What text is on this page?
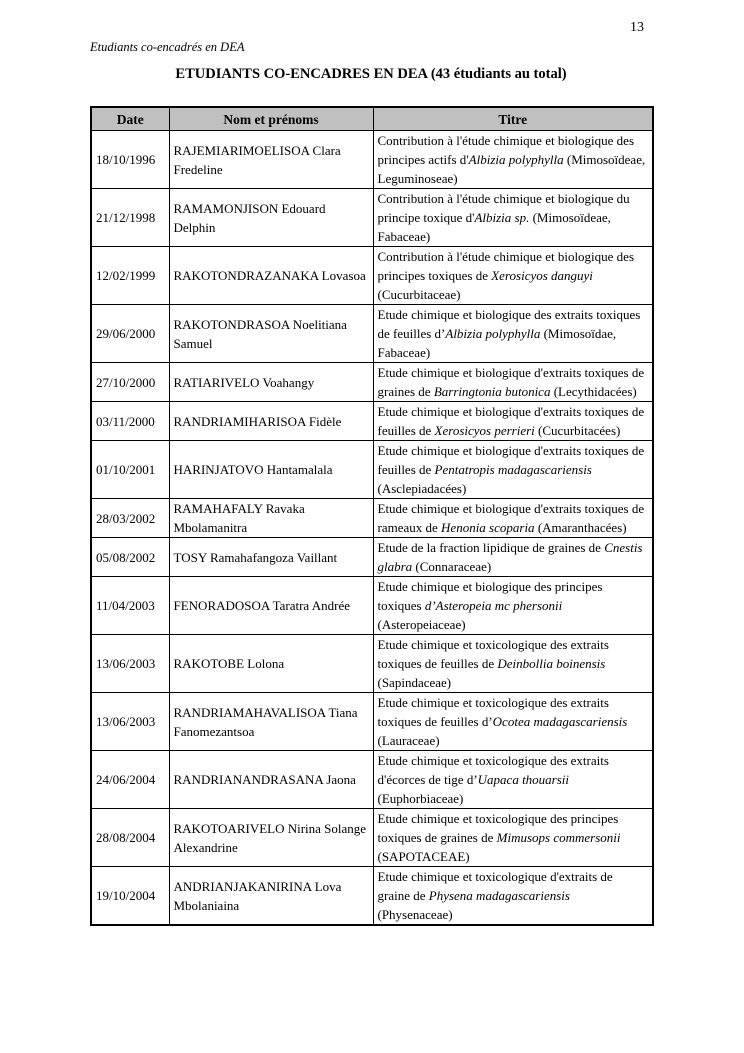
13
Etudiants co-encadrés en DEA
ETUDIANTS CO-ENCADRES EN DEA (43 étudiants au total)
Date	Nom et prénoms	Titre
18/10/1996	RAJEMIARIMOELISOA Clara Fredeline	Contribution à l'étude chimique et biologique des principes actifs d'Albizia polyphylla (Mimosoïdeae, Leguminoseae)
21/12/1998	RAMAMONJISON Edouard Delphin	Contribution à l'étude chimique et biologique du principe toxique d'Albizia sp. (Mimosoïdeae, Fabaceae)
12/02/1999	RAKOTONDRAZANAKA Lovasoa	Contribution à l'étude chimique et biologique des principes toxiques de Xerosicyos danguyi (Cucurbitaceae)
29/06/2000	RAKOTONDRASOA Noelitiana Samuel	Etude chimique et biologique des extraits toxiques de feuilles d’Albizia polyphylla (Mimosoïdae, Fabaceae)
27/10/2000	RATIARIVELO Voahangy	Etude chimique et biologique d'extraits toxiques de graines de Barringtonia butonica (Lecythidacées)
03/11/2000	RANDRIAMIHARISOA Fidèle	Etude chimique et biologique d'extraits toxiques de feuilles de Xerosicyos perrieri (Cucurbitacées)
01/10/2001	HARINJATOVO Hantamalala	Etude chimique et biologique d'extraits toxiques de feuilles de Pentatropis madagascariensis (Asclepiadacées)
28/03/2002	RAMAHAFALY Ravaka Mbolamanitra	Etude chimique et biologique d'extraits toxiques de rameaux de Henonia scoparia (Amaranthacées)
05/08/2002	TOSY Ramahafangoza Vaillant	Etude de la fraction lipidique de graines de Cnestis glabra (Connaraceae)
11/04/2003	FENORADOSOA Taratra Andrée	Etude chimique et biologique des principes toxiques d’Asteropeia mc phersonii (Asteropeiaceae)
13/06/2003	RAKOTOBE Lolona	Etude chimique et toxicologique des extraits toxiques de feuilles de Deinbollia boinensis (Sapindaceae)
13/06/2003	RANDRIAMAHAVALISOA Tiana Fanomezantsoa	Etude chimique et toxicologique des extraits toxiques de feuilles d’Ocotea madagascariensis (Lauraceae)
24/06/2004	RANDRIANANDRASANA Jaona	Etude chimique et toxicologique des extraits d'écorces de tige d’Uapaca thouarsii (Euphorbiaceae)
28/08/2004	RAKOTOARIVELO Nirina Solange Alexandrine	Etude chimique et toxicologique des principes toxiques de graines de Mimusops commersonii (SAPOTACEAE)
19/10/2004	ANDRIANJAKANIRINA Lova Mbolaniaina	Etude chimique et toxicologique d'extraits de graine de Physena madagascariensis (Physenaceae)
